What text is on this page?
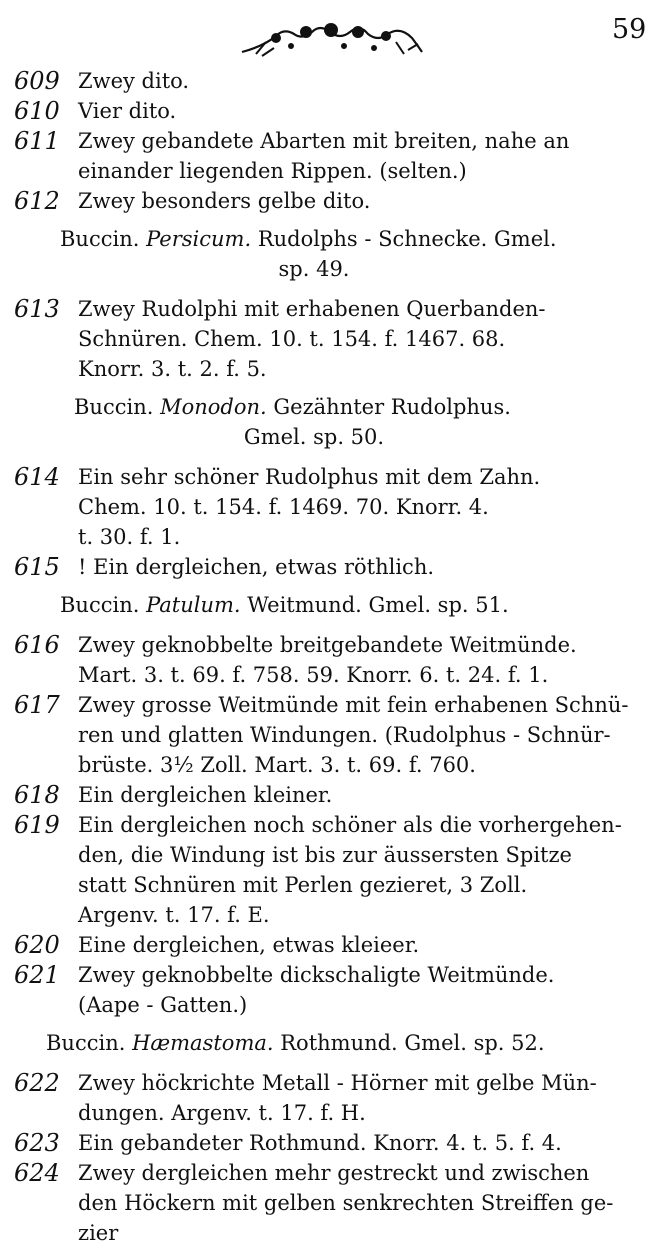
59
609 Zwey dito.
610 Vier dito.
611 Zwey gebandete Abarten mit breiten, nahe an
einander liegenden Rippen. (selten.)
612 Zwey besonders gelbe dito.
Buccin. Persicum. Rudolphs - Schnecke. Gmel.
sp. 49.
613 Zwey Rudolphi mit erhabenen Querbanden-
Schnüren. Chem. 10. t. 154. f. 1467. 68.
Knorr. 3. t. 2. f. 5.
Buccin. Monodon. Gezähnter Rudolphus.
Gmel. sp. 50.
614 Ein sehr schöner Rudolphus mit dem Zahn.
Chem. 10. t. 154. f. 1469. 70. Knorr. 4.
t. 30. f. 1.
615 ! Ein dergleichen, etwas röthlich.
Buccin. Patulum. Weitmund. Gmel. sp. 51.
616 Zwey geknobbelte breitgebandete Weitmünde.
Mart. 3. t. 69. f. 758. 59. Knorr. 6. t. 24. f. 1.
617 Zwey grosse Weitmünde mit fein erhabenen Schnü-
ren und glatten Windungen. (Rudolphus - Schnür-
brüste. 3½ Zoll. Mart. 3. t. 69. f. 760.
618 Ein dergleichen kleiner.
619 Ein dergleichen noch schöner als die vorhergehen-
den, die Windung ist bis zur äussersten Spitze
statt Schnüren mit Perlen gezieret, 3 Zoll.
Argenv. t. 17. f. E.
620 Eine dergleichen, etwas kleieer.
621 Zwey geknobbelte dickschaligte Weitmünde.
(Aape - Gatten.)
Buccin. Hæmastoma. Rothmund. Gmel. sp. 52.
622 Zwey höckrichte Metall - Hörner mit gelbe Mün-
dungen. Argenv. t. 17. f. H.
623 Ein gebandeter Rothmund. Knorr. 4. t. 5. f. 4.
624 Zwey dergleichen mehr gestreckt und zwischen
den Höckern mit gelben senkrechten Streiffen ge-
zier
